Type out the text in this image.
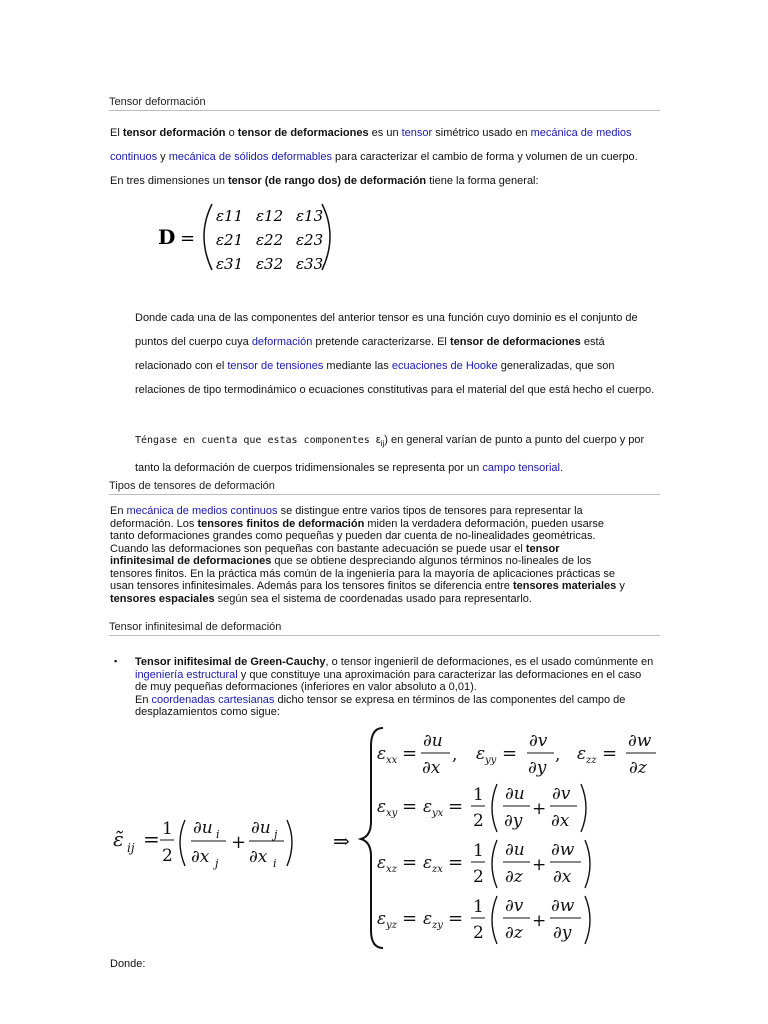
Tensor deformación
El tensor deformación o tensor de deformaciones es un tensor simétrico usado en mecánica de medios continuos y mecánica de sólidos deformables para caracterizar el cambio de forma y volumen de un cuerpo. En tres dimensiones un tensor (de rango dos) de deformación tiene la forma general:
D =
ε11 ε12 ε13
ε21 ε22 ε23
ε31 ε32 ε33
Donde cada una de las componentes del anterior tensor es una función cuyo dominio es el conjunto de puntos del cuerpo cuya deformación pretende caracterizarse. El tensor de deformaciones está relacionado con el tensor de tensiones mediante las ecuaciones de Hooke generalizadas, que son relaciones de tipo termodinámico o ecuaciones constitutivas para el material del que está hecho el cuerpo.
Téngase en cuenta que estas componentes $\varepsilon_{ij}$) en general varían de punto a punto del cuerpo y por tanto la deformación de cuerpos tridimensionales se representa por un campo tensorial.
Tipos de tensores de deformación
En mecánica de medios continuos se distingue entre varios tipos de tensores para representar la deformación. Los tensores finitos de deformación miden la verdadera deformación, pueden usarse tanto deformaciones grandes como pequeñas y pueden dar cuenta de no-linealidades geométricas. Cuando las deformaciones son pequeñas con bastante adecuación se puede usar el tensor infinitesimal de deformaciones que se obtiene despreciando algunos términos no-lineales de los tensores finitos. En la práctica más común de la ingeniería para la mayoría de aplicaciones prácticas se usan tensores infinitesimales. Además para los tensores finitos se diferencia entre tensores materiales y tensores espaciales según sea el sistema de coordenadas usado para representarlo.
Tensor infinitesimal de deformación
▪ Tensor inifitesimal de Green-Cauchy, o tensor ingenieril de deformaciones, es el usado comúnmente en ingeniería estructural y que constituye una aproximación para caracterizar las deformaciones en el caso de muy pequeñas deformaciones (inferiores en valor absoluto a 0,01).
En coordenadas cartesianas dicho tensor se expresa en términos de las componentes del campo de desplazamientos como sigue:
ε̃ ij = 1
2
∂u i
∂x j
+
∂u j
∂x i
⇒
ε xx =
∂u
∂x
, ε yy =
∂v
∂y
, ε zz =
∂w
∂z
ε xy = ε yx =
1
2
∂u
∂y
+
∂v
∂x
ε xz = ε zx =
1
2
∂u
∂z
+
∂w
∂x
ε yz = ε zy =
1
2
∂v
∂z
+
∂w
∂y
Donde:
